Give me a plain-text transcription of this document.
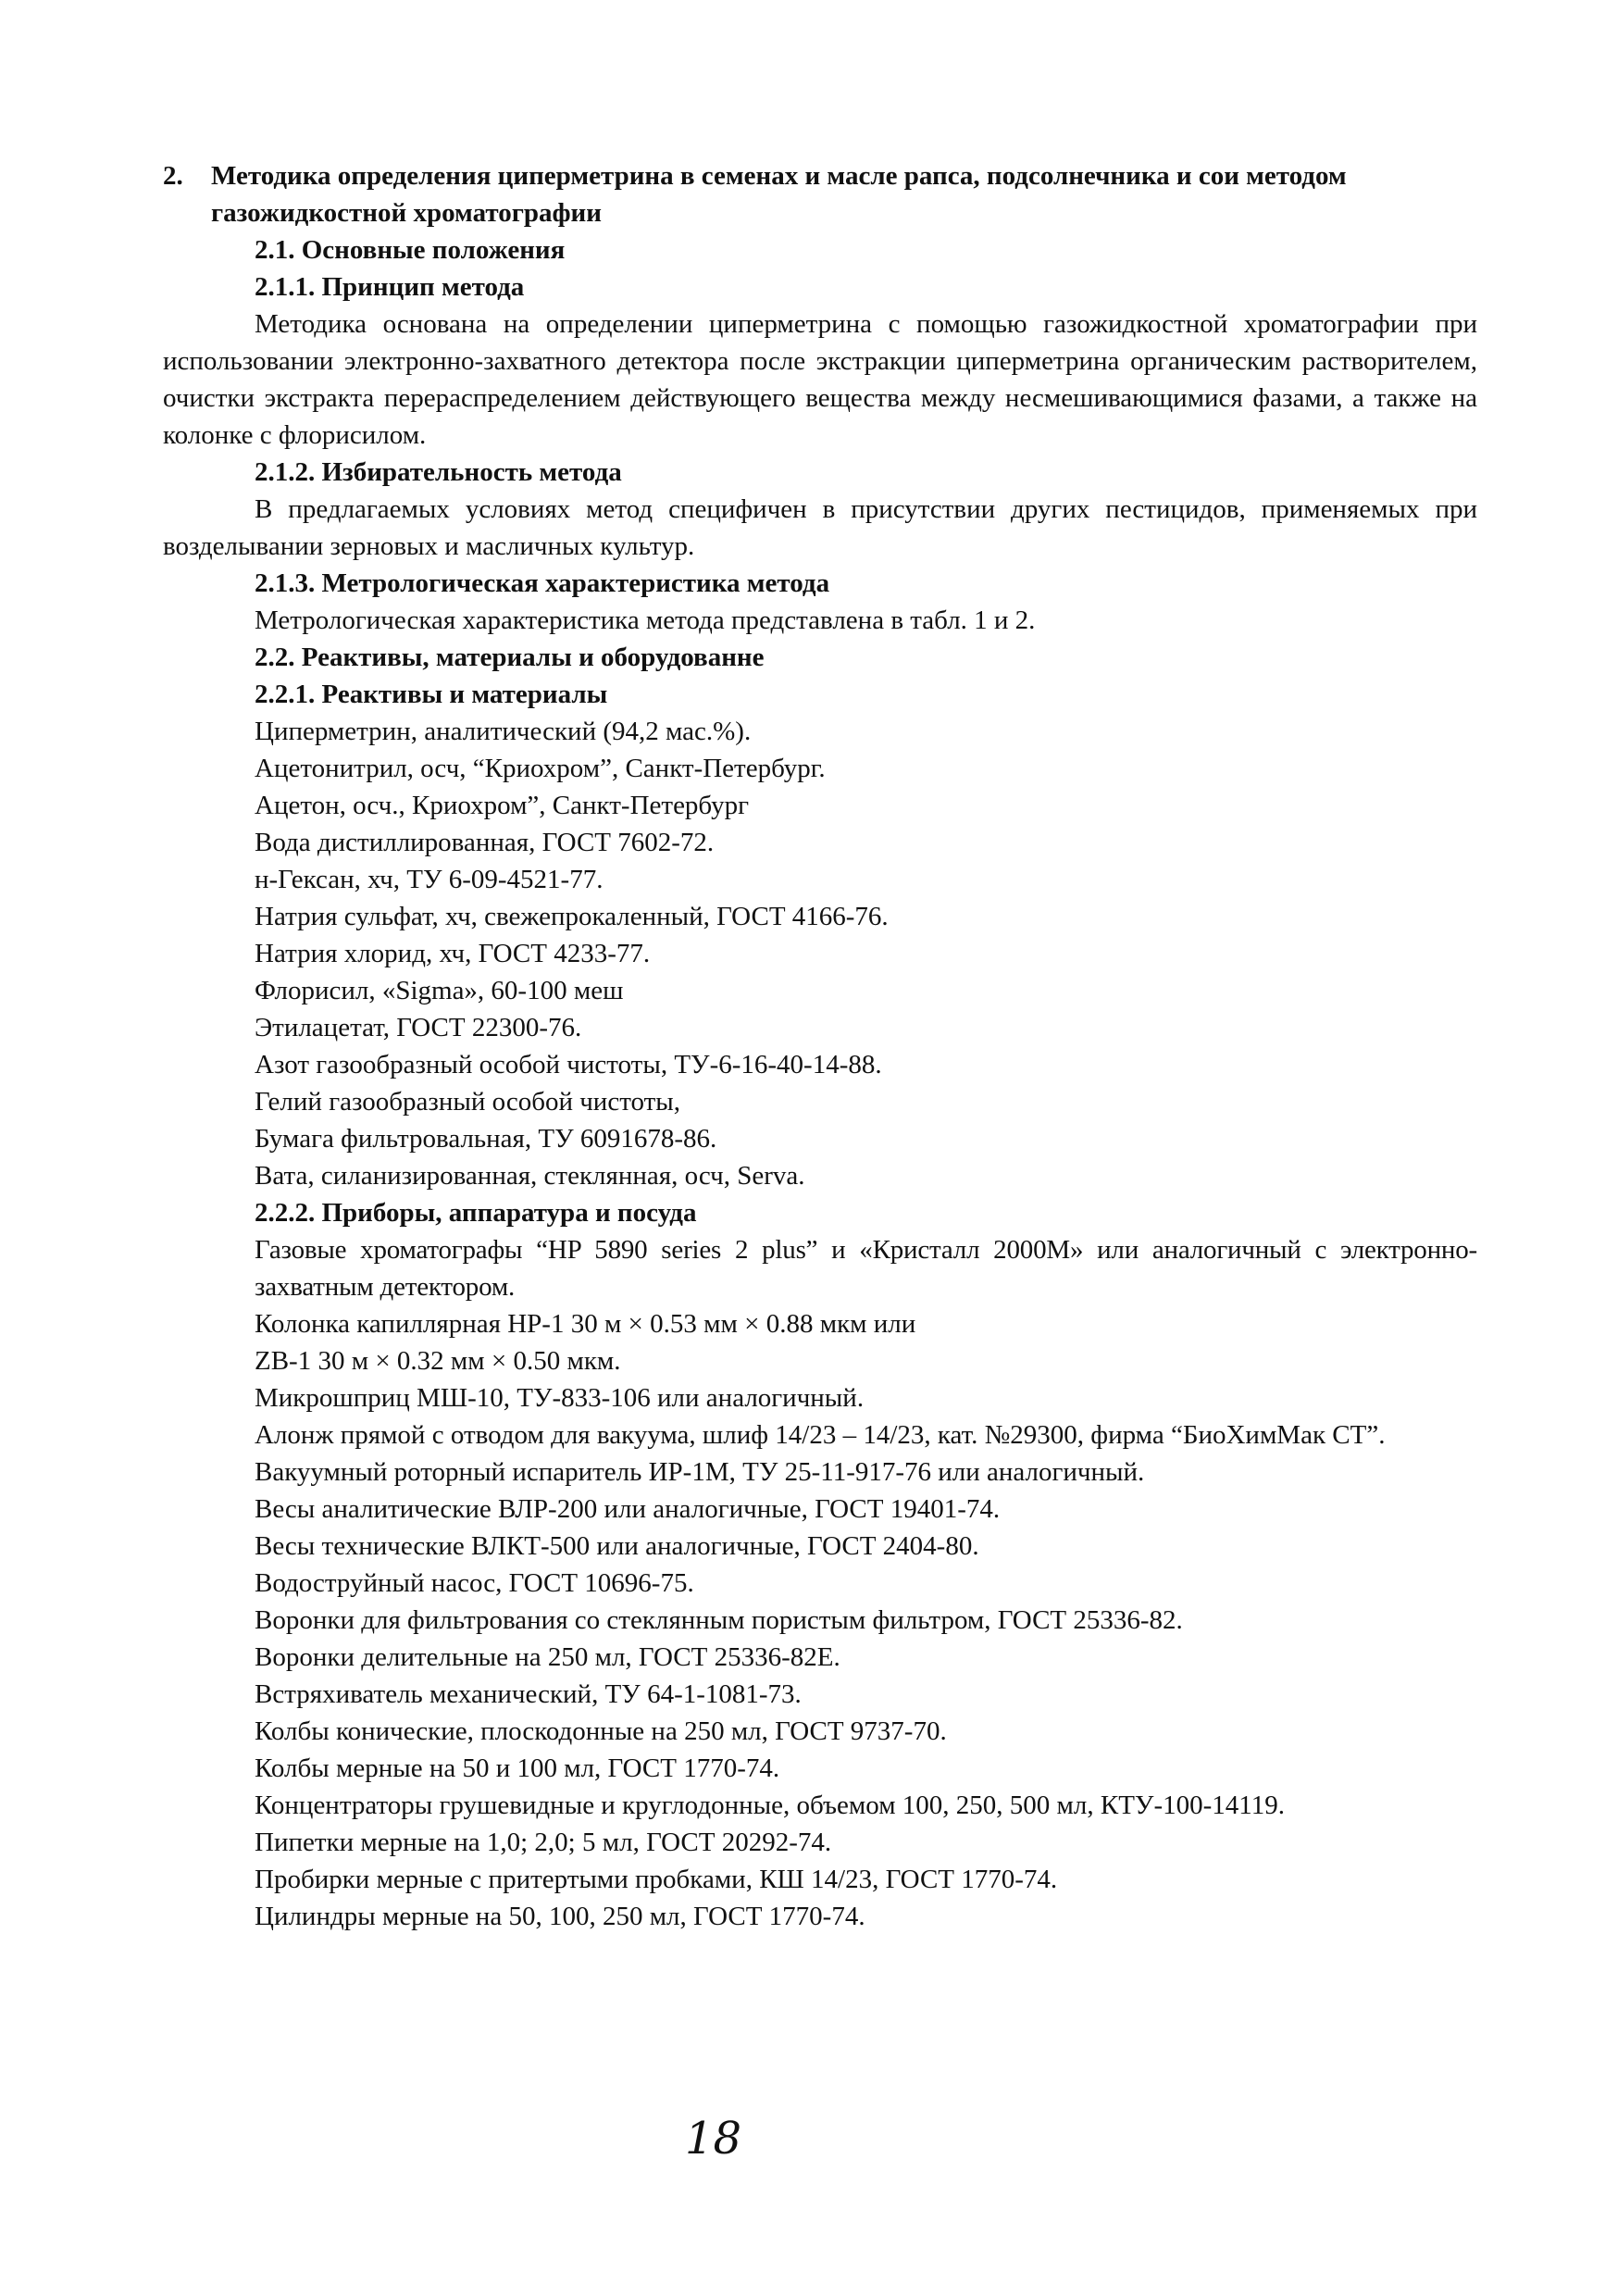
2.	Методика определения циперметрина в семенах и масле рапса, подсолнечника и сои методом газожидкостной хроматографии
2.1. Основные положения
2.1.1. Принцип метода
Методика основана на определении циперметрина с помощью газожидкостной хроматографии при использовании электронно-захватного детектора после экстракции циперметрина органическим растворителем, очистки экстракта перераспределением действующего вещества между несмешивающимися фазами, а также на колонке с флорисилом.
2.1.2. Избирательность метода
В предлагаемых условиях метод специфичен в присутствии других пестицидов, применяемых при возделывании зерновых и масличных культур.
2.1.3. Метрологическая характеристика метода
Метрологическая характеристика метода представлена в табл. 1 и 2.
2.2. Реактивы, материалы и оборудованне
2.2.1. Реактивы и материалы
Циперметрин, аналитический (94,2 мас.%).
Ацетонитрил, осч, “Криохром”, Санкт-Петербург.
Ацетон, осч., Криохром”, Санкт-Петербург
Вода дистиллированная, ГОСТ 7602-72.
н-Гексан, хч, ТУ 6-09-4521-77.
Натрия сульфат, хч, свежепрокаленный, ГОСТ 4166-76.
Натрия хлорид, хч, ГОСТ 4233-77.
Флорисил, «Sigma», 60-100 меш
Этилацетат, ГОСТ 22300-76.
Азот газообразный особой чистоты, ТУ-6-16-40-14-88.
Гелий газообразный особой чистоты,
Бумага фильтровальная, ТУ 6091678-86.
Вата, силанизированная, стеклянная, осч, Serva.
2.2.2. Приборы, аппаратура и посуда
Газовые хроматографы “HP 5890 series 2 plus” и «Кристалл 2000М» или аналогичный с электронно-захватным детектором.
Колонка капиллярная HP-1 30 м × 0.53 мм × 0.88 мкм или
ZB-1 30 м × 0.32 мм × 0.50 мкм.
Микрошприц МШ-10, ТУ-833-106 или аналогичный.
Алонж прямой с отводом для вакуума, шлиф 14/23 – 14/23, кат. №29300, фирма “БиоХимМак СТ”.
Вакуумный роторный испаритель ИР-1М, ТУ 25-11-917-76 или аналогичный.
Весы аналитические ВЛР-200 или аналогичные, ГОСТ 19401-74.
Весы технические ВЛКТ-500 или аналогичные, ГОСТ 2404-80.
Водоструйный насос, ГОСТ 10696-75.
Воронки для фильтрования со стеклянным пористым фильтром, ГОСТ 25336-82.
Воронки делительные на 250 мл, ГОСТ 25336-82Е.
Встряхиватель механический, ТУ 64-1-1081-73.
Колбы конические, плоскодонные на 250 мл, ГОСТ 9737-70.
Колбы мерные на 50 и 100 мл, ГОСТ 1770-74.
Концентраторы грушевидные и круглодонные, объемом 100, 250, 500 мл, КТУ-100-14119.
Пипетки мерные на 1,0; 2,0; 5 мл, ГОСТ 20292-74.
Пробирки мерные с притертыми пробками, КШ 14/23, ГОСТ 1770-74.
Цилиндры мерные на 50, 100, 250 мл, ГОСТ 1770-74.
18
